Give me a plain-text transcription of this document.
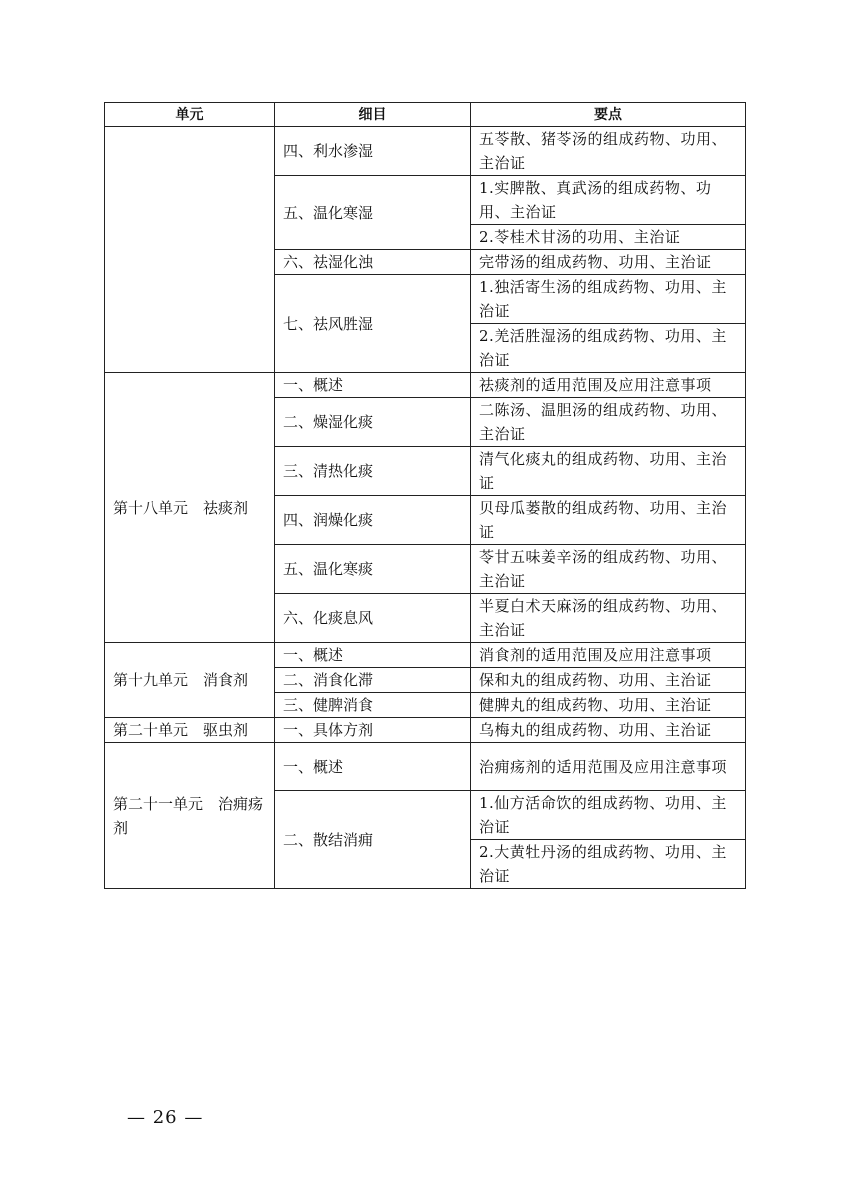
单元	细目	要点
	四、利水渗湿	五苓散、猪苓汤的组成药物、功用、主治证
	五、温化寒湿	1.实脾散、真武汤的组成药物、功用、主治证
		2.苓桂术甘汤的功用、主治证
	六、祛湿化浊	完带汤的组成药物、功用、主治证
	七、祛风胜湿	1.独活寄生汤的组成药物、功用、主治证
		2.羌活胜湿汤的组成药物、功用、主治证
第十八单元　祛痰剂	一、概述	祛痰剂的适用范围及应用注意事项
	二、燥湿化痰	二陈汤、温胆汤的组成药物、功用、主治证
	三、清热化痰	清气化痰丸的组成药物、功用、主治证
	四、润燥化痰	贝母瓜蒌散的组成药物、功用、主治证
	五、温化寒痰	苓甘五味姜辛汤的组成药物、功用、主治证
	六、化痰息风	半夏白术天麻汤的组成药物、功用、主治证
第十九单元　消食剂	一、概述	消食剂的适用范围及应用注意事项
	二、消食化滞	保和丸的组成药物、功用、主治证
	三、健脾消食	健脾丸的组成药物、功用、主治证
第二十单元　驱虫剂	一、具体方剂	乌梅丸的组成药物、功用、主治证
第二十一单元　治痈疡剂	一、概述	治痈疡剂的适用范围及应用注意事项
	二、散结消痈	1.仙方活命饮的组成药物、功用、主治证
		2.大黄牡丹汤的组成药物、功用、主治证
— 26 —
